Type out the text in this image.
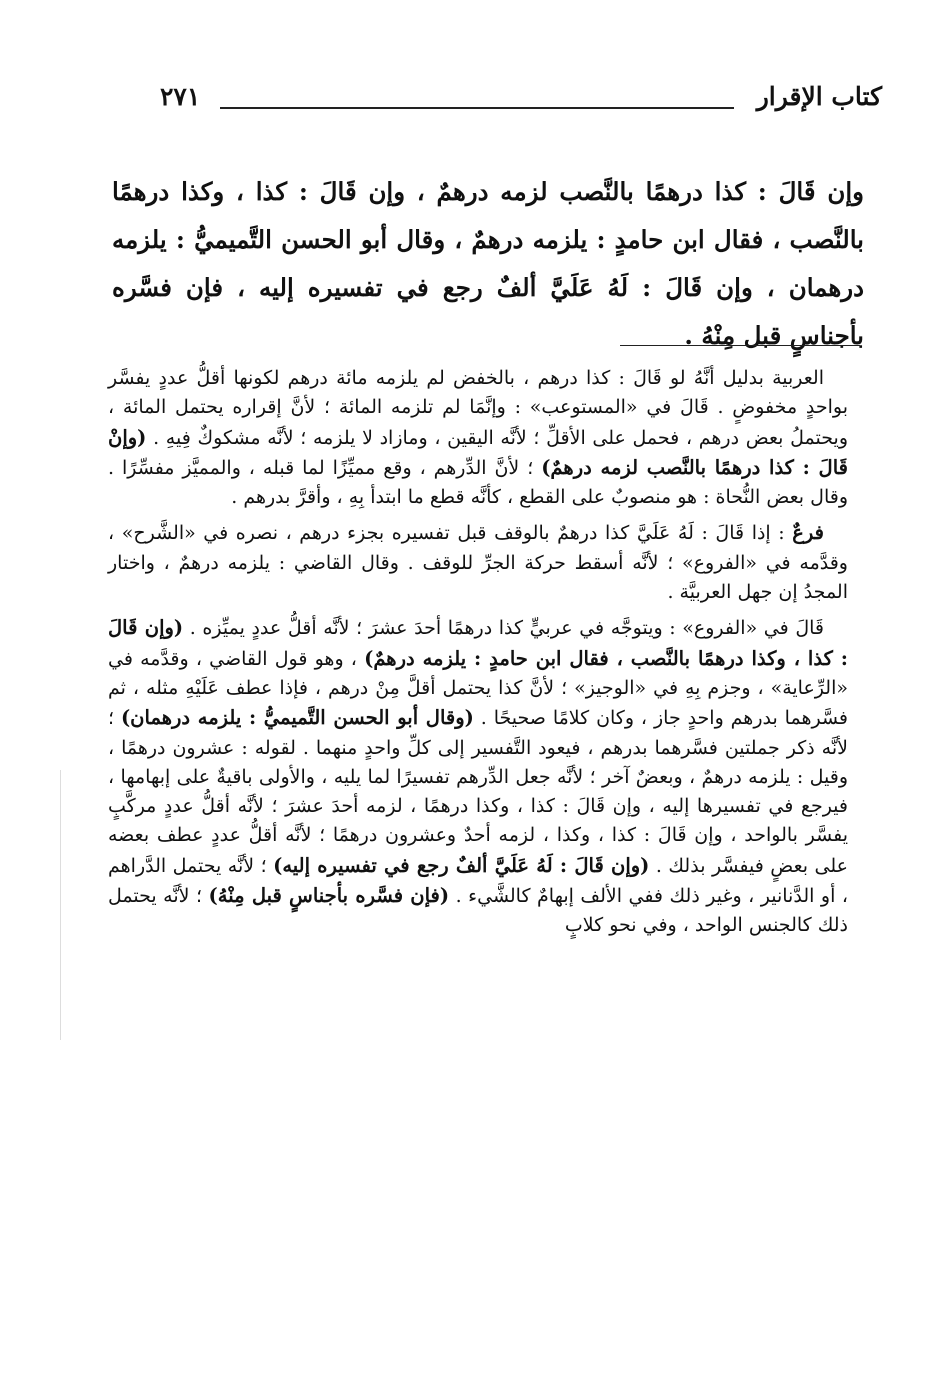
كتاب الإقرار
٢٧١

وإن قَالَ : كذا درهمًا بالنَّصب لزمه درهمٌ ، وإن قَالَ : كذا ، وكذا درهمًا بالنَّصب ، فقال ابن حامدٍ : يلزمه درهمٌ ، وقال أبو الحسن التَّميميُّ : يلزمه درهمان ، وإن قَالَ : لَهُ عَلَيَّ ألفٌ رجع في تفسيره إليه ، فإن فسَّره بأجناسٍ قبل مِنْهُ .

العربية بدليل أنَّهُ لو قَالَ : كذا درهم ، بالخفض لم يلزمه مائة درهم لكونها أقلُّ عددٍ يفسَّر بواحدٍ مخفوضٍ . قَالَ في «المستوعب» : وإنَّمَا لم تلزمه المائة ؛ لأنَّ إقراره يحتمل المائة ، ويحتملُ بعض درهم ، فحمل على الأقلِّ ؛ لأنَّه اليقين ، ومازاد لا يلزمه ؛ لأنَّه مشكوكٌ فِيهِ . (وإنْ قَالَ : كذا درهمًا بالنَّصب لزمه درهمٌ) ؛ لأنَّ الدِّرهم ، وقع مميِّزًا لما قبله ، والمميَّز مفسِّرًا . وقال بعض النُّحاة : هو منصوبٌ على القطع ، كأنَّه قطع ما ابتدأ بِهِ ، وأقرَّ بدرهم .

فرعٌ : إذا قَالَ : لَهُ عَلَيَّ كذا درهمٌ بالوقف قبل تفسيره بجزء درهم ، نصره في «الشَّرح» ، وقدَّمه في «الفروع» ؛ لأنَّه أسقط حركة الجرِّ للوقف . وقال القاضي : يلزمه درهمٌ ، واختار المجدُ إن جهل العربيَّة .

قَالَ في «الفروع» : ويتوجَّه في عربيٍّ كذا درهمًا أحدَ عشرَ ؛ لأنَّه أقلُّ عددٍ يميِّزه . (وإن قَالَ : كذا ، وكذا درهمًا بالنَّصب ، فقال ابن حامدٍ : يلزمه درهمٌ) ، وهو قول القاضي ، وقدَّمه في «الرِّعاية» ، وجزم بِهِ في «الوجيز» ؛ لأنَّ كذا يحتمل أقلَّ مِنْ درهم ، فإذا عطف عَلَيْهِ مثله ، ثم فسَّرهما بدرهم واحدٍ جاز ، وكان كلامًا صحيحًا . (وقال أبو الحسن التَّميميُّ : يلزمه درهمان) ؛ لأنَّه ذكر جملتين فسَّرهما بدرهم ، فيعود التَّفسير إلى كلِّ واحدٍ منهما . لقوله : عشرون درهمًا ، وقيل : يلزمه درهمٌ ، وبعضٌ آخر ؛ لأنَّه جعل الدِّرهم تفسيرًا لما يليه ، والأولى باقيةٌ على إبهامها ، فيرجع في تفسيرها إليه ، وإن قَالَ : كذا ، وكذا درهمًا ، لزمه أحدَ عشرَ ؛ لأنَّه أقلُّ عددٍ مركَّبٍ يفسَّر بالواحد ، وإن قَالَ : كذا ، وكذا ، لزمه أحدٌ وعشرون درهمًا ؛ لأنَّه أقلُّ عددٍ عطف بعضه على بعضٍ فيفسَّر بذلك . (وإن قَالَ : لَهُ عَلَيَّ ألفٌ رجع في تفسيره إليه) ؛ لأنَّه يحتمل الدَّراهم ، أو الدَّنانير ، وغير ذلك ففي الألف إبهامٌ كالشَّيء . (فإن فسَّره بأجناسٍ قبل مِنْهُ) ؛ لأنَّه يحتمل ذلك كالجنس الواحد ، وفي نحو كلابٍ
